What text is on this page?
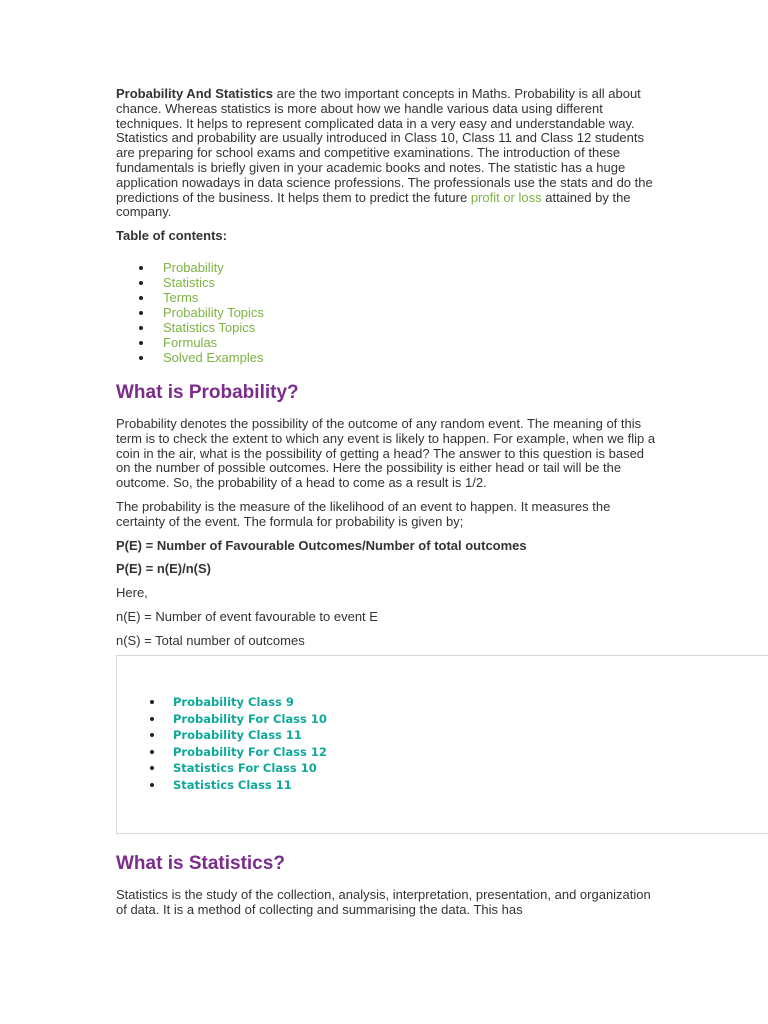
Probability And Statistics are the two important concepts in Maths. Probability is all about chance. Whereas statistics is more about how we handle various data using different techniques. It helps to represent complicated data in a very easy and understandable way. Statistics and probability are usually introduced in Class 10, Class 11 and Class 12 students are preparing for school exams and competitive examinations. The introduction of these fundamentals is briefly given in your academic books and notes. The statistic has a huge application nowadays in data science professions. The professionals use the stats and do the predictions of the business. It helps them to predict the future profit or loss attained by the company.

Table of contents:

Probability
Statistics
Terms
Probability Topics
Statistics Topics
Formulas
Solved Examples
What is Probability?

Probability denotes the possibility of the outcome of any random event. The meaning of this term is to check the extent to which any event is likely to happen. For example, when we flip a coin in the air, what is the possibility of getting a head? The answer to this question is based on the number of possible outcomes. Here the possibility is either head or tail will be the outcome. So, the probability of a head to come as a result is 1/2.

The probability is the measure of the likelihood of an event to happen. It measures the certainty of the event. The formula for probability is given by;

P(E) = Number of Favourable Outcomes/Number of total outcomes

P(E) = n(E)/n(S)

Here,

n(E) = Number of event favourable to event E

n(S) = Total number of outcomes

Probability Class 9
Probability For Class 10
Probability Class 11
Probability For Class 12
Statistics For Class 10
Statistics Class 11
What is Statistics?

Statistics is the study of the collection, analysis, interpretation, presentation, and organization of data. It is a method of collecting and summarising the data. This has
